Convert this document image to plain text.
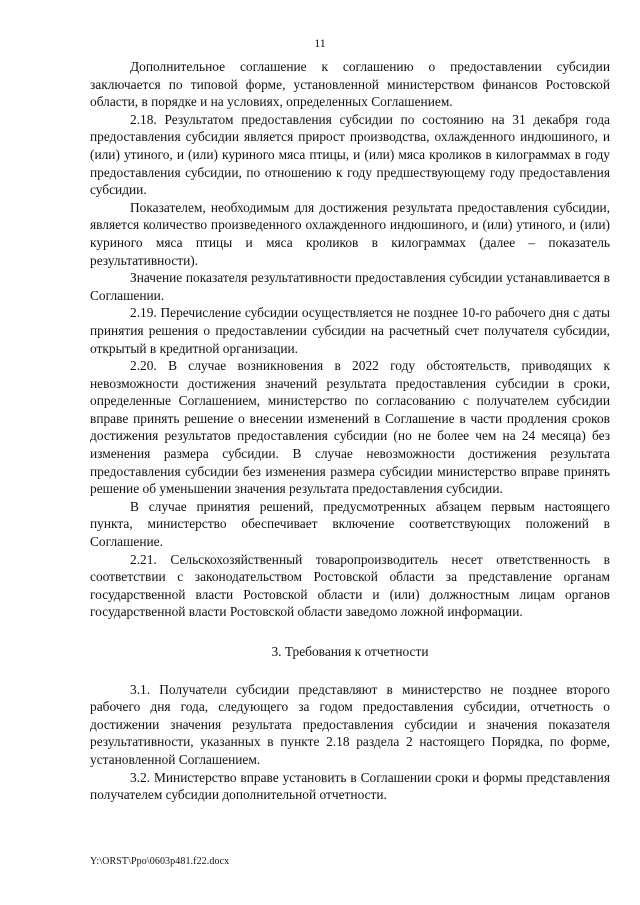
11

Дополнительное соглашение к соглашению о предоставлении субсидии заключается по типовой форме, установленной министерством финансов Ростовской области, в порядке и на условиях, определенных Соглашением.

2.18. Результатом предоставления субсидии по состоянию на 31 декабря года предоставления субсидии является прирост производства, охлажденного индюшиного, и (или) утиного, и (или) куриного мяса птицы, и (или) мяса кроликов в килограммах в году предоставления субсидии, по отношению к году предшествующему году предоставления субсидии.

Показателем, необходимым для достижения результата предоставления субсидии, является количество произведенного охлажденного индюшиного, и (или) утиного, и (или) куриного мяса птицы и мяса кроликов в килограммах (далее – показатель результативности).

Значение показателя результативности предоставления субсидии устанавливается в Соглашении.

2.19. Перечисление субсидии осуществляется не позднее 10-го рабочего дня с даты принятия решения о предоставлении субсидии на расчетный счет получателя субсидии, открытый в кредитной организации.

2.20. В случае возникновения в 2022 году обстоятельств, приводящих к невозможности достижения значений результата предоставления субсидии в сроки, определенные Соглашением, министерство по согласованию с получателем субсидии вправе принять решение о внесении изменений в Соглашение в части продления сроков достижения результатов предоставления субсидии (но не более чем на 24 месяца) без изменения размера субсидии. В случае невозможности достижения результата предоставления субсидии без изменения размера субсидии министерство вправе принять решение об уменьшении значения результата предоставления субсидии.

В случае принятия решений, предусмотренных абзацем первым настоящего пункта, министерство обеспечивает включение соответствующих положений в Соглашение.

2.21. Сельскохозяйственный товаропроизводитель несет ответственность в соответствии с законодательством Ростовской области за представление органам государственной власти Ростовской области и (или) должностным лицам органов государственной власти Ростовской области заведомо ложной информации.

3. Требования к отчетности

3.1. Получатели субсидии представляют в министерство не позднее второго рабочего дня года, следующего за годом предоставления субсидии, отчетность о достижении значения результата предоставления субсидии и значения показателя результативности, указанных в пункте 2.18 раздела 2 настоящего Порядка, по форме, установленной Соглашением.

3.2. Министерство вправе установить в Соглашении сроки и формы представления получателем субсидии дополнительной отчетности.

Y:\ORST\Ppo\0603p481.f22.docx
